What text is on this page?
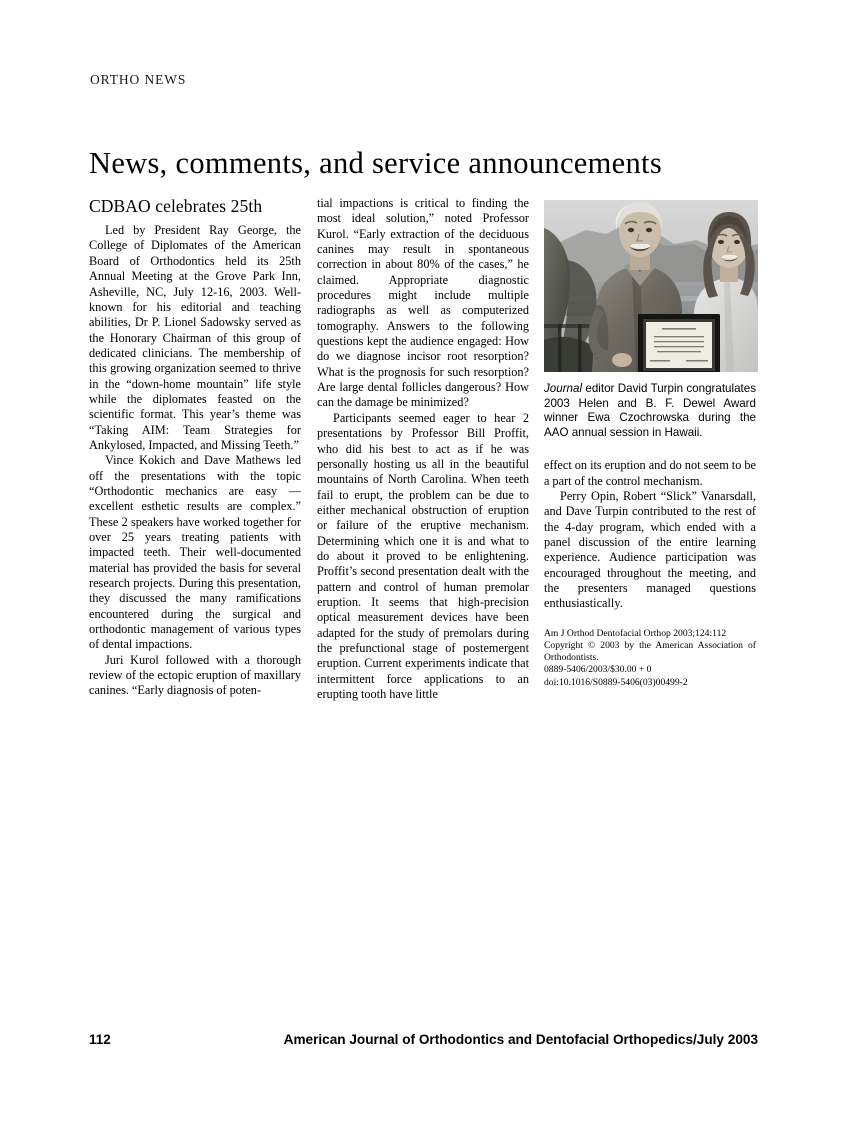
ORTHO NEWS
News, comments, and service announcements
CDBAO celebrates 25th

Led by President Ray George, the College of Diplomates of the American Board of Orthodontics held its 25th Annual Meeting at the Grove Park Inn, Asheville, NC, July 12-16, 2003. Well-known for his editorial and teaching abilities, Dr P. Lionel Sadowsky served as the Honorary Chairman of this group of dedicated clinicians. The membership of this growing organization seemed to thrive in the “down-home mountain” life style while the diplomates feasted on the scientific format. This year’s theme was “Taking AIM: Team Strategies for Ankylosed, Impacted, and Missing Teeth.”

Vince Kokich and Dave Mathews led off the presentations with the topic “Orthodontic mechanics are easy —excellent esthetic results are complex.” These 2 speakers have worked together for over 25 years treating patients with impacted teeth. Their well-documented material has provided the basis for several research projects. During this presentation, they discussed the many ramifications encountered during the surgical and orthodontic management of various types of dental impactions.

Juri Kurol followed with a thorough review of the ectopic eruption of maxillary canines. “Early diagnosis of poten-

tial impactions is critical to finding the most ideal solution,” noted Professor Kurol. “Early extraction of the deciduous canines may result in spontaneous correction in about 80% of the cases,” he claimed. Appropriate diagnostic procedures might include multiple radiographs as well as computerized tomography. Answers to the following questions kept the audience engaged: How do we diagnose incisor root resorption? What is the prognosis for such resorption? Are large dental follicles dangerous? How can the damage be minimized?

Participants seemed eager to hear 2 presentations by Professor Bill Proffit, who did his best to act as if he was personally hosting us all in the beautiful mountains of North Carolina. When teeth fail to erupt, the problem can be due to either mechanical obstruction of eruption or failure of the eruptive mechanism. Determining which one it is and what to do about it proved to be enlightening. Proffit’s second presentation dealt with the pattern and control of human premolar eruption. It seems that high-precision optical measurement devices have been adapted for the study of premolars during the prefunctional stage of postemergent eruption. Current experiments indicate that intermittent force applications to an erupting tooth have little

Journal editor David Turpin congratulates 2003 Helen and B. F. Dewel Award winner Ewa Czochrowska during the AAO annual session in Hawaii.

effect on its eruption and do not seem to be a part of the control mechanism.

Perry Opin, Robert “Slick” Vanarsdall, and Dave Turpin contributed to the rest of the 4-day program, which ended with a panel discussion of the entire learning experience. Audience participation was encouraged throughout the meeting, and the presenters managed questions enthusiastically.

Am J Orthod Dentofacial Orthop 2003;124:112
Copyright © 2003 by the American Association of Orthodontists.
0889-5406/2003/$30.00 + 0
doi:10.1016/S0889-5406(03)00499-2
112	American Journal of Orthodontics and Dentofacial Orthopedics/July 2003
